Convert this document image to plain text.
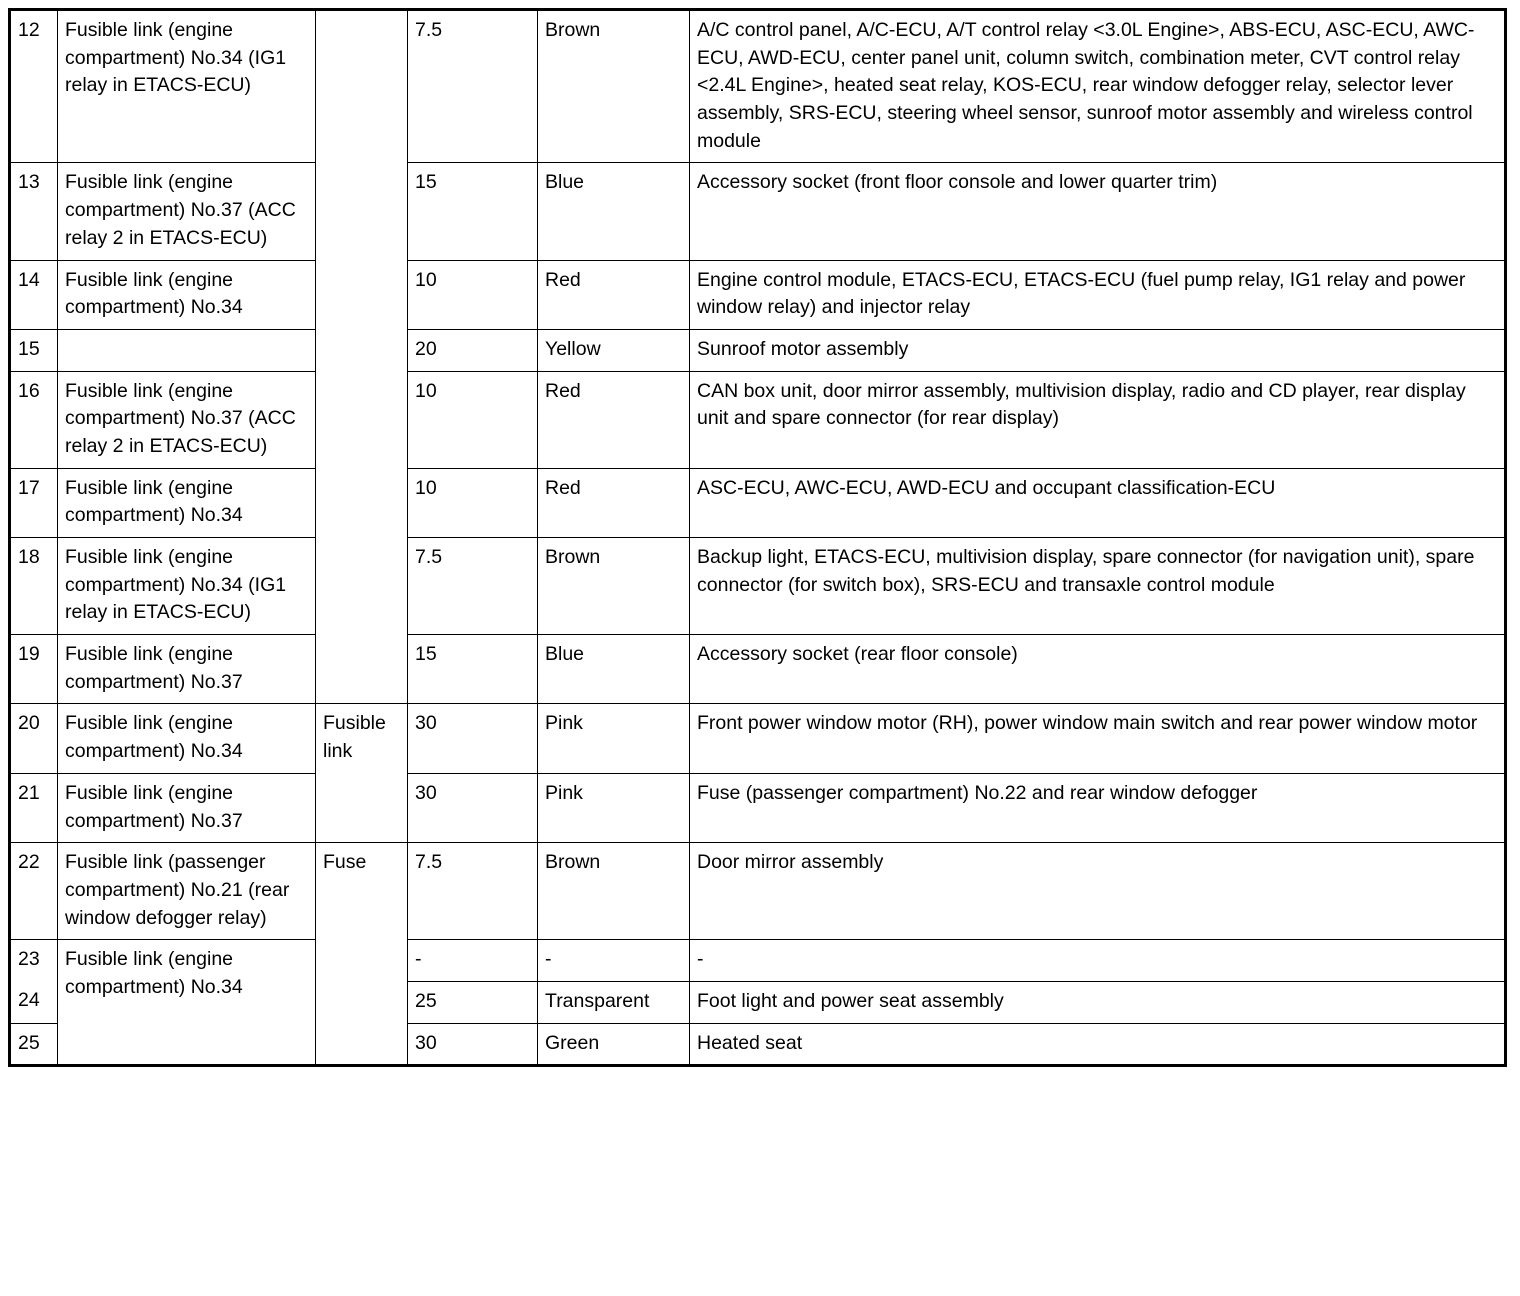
12	Fusible link (engine compartment) No.34 (IG1 relay in ETACS-ECU)		7.5	Brown	A/C control panel, A/C-ECU, A/T control relay <3.0L Engine>, ABS-ECU, ASC-ECU, AWC-ECU, AWD-ECU, center panel unit, column switch, combination meter, CVT control relay <2.4L Engine>, heated seat relay, KOS-ECU, rear window defogger relay, selector lever assembly, SRS-ECU, steering wheel sensor, sunroof motor assembly and wireless control module
13	Fusible link (engine compartment) No.37 (ACC relay 2 in ETACS-ECU)		15	Blue	Accessory socket (front floor console and lower quarter trim)
14	Fusible link (engine compartment) No.34		10	Red	Engine control module, ETACS-ECU, ETACS-ECU (fuel pump relay, IG1 relay and power window relay) and injector relay
15			20	Yellow	Sunroof motor assembly
16	Fusible link (engine compartment) No.37 (ACC relay 2 in ETACS-ECU)		10	Red	CAN box unit, door mirror assembly, multivision display, radio and CD player, rear display unit and spare connector (for rear display)
17	Fusible link (engine compartment) No.34		10	Red	ASC-ECU, AWC-ECU, AWD-ECU and occupant classification-ECU
18	Fusible link (engine compartment) No.34 (IG1 relay in ETACS-ECU)		7.5	Brown	Backup light, ETACS-ECU, multivision display, spare connector (for navigation unit), spare connector (for switch box), SRS-ECU and transaxle control module
19	Fusible link (engine compartment) No.37		15	Blue	Accessory socket (rear floor console)
20	Fusible link (engine compartment) No.34	Fusible link	30	Pink	Front power window motor (RH), power window main switch and rear power window motor
21	Fusible link (engine compartment) No.37		30	Pink	Fuse (passenger compartment) No.22 and rear window defogger
22	Fusible link (passenger compartment) No.21 (rear window defogger relay)	Fuse	7.5	Brown	Door mirror assembly
23	Fusible link (engine compartment) No.34		-	-	-
24			25	Transparent	Foot light and power seat assembly
25			30	Green	Heated seat
